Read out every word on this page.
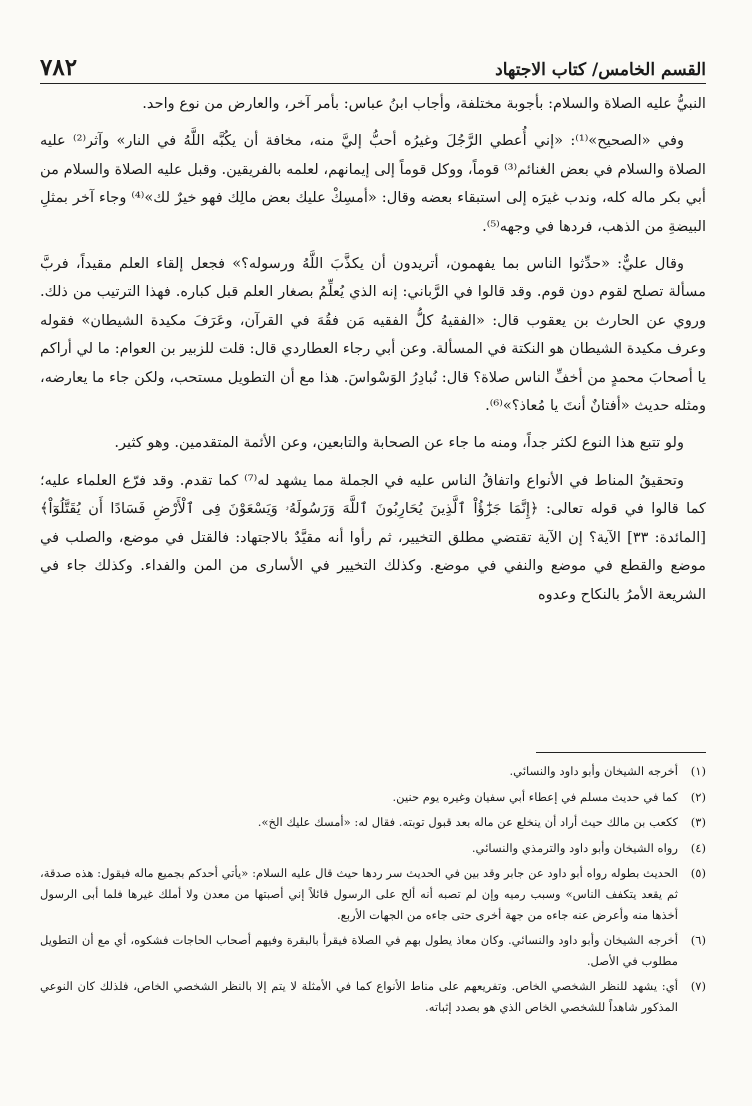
القسم الخامس/ كتاب الاجتهاد
٧٨٢

النبيُّ عليه الصلاة والسلام: بأجوبة مختلفة، وأجاب ابنُ عباس: بأمر آخر، والعارض من نوع واحد.

وفي «الصحيح»⁽¹⁾: «إني أُعطي الرَّجُلَ وغيرُه أحبُّ إليَّ منه، مخافة أن يكُبَّه اللَّهُ في النار» وآثر⁽²⁾ عليه الصلاة والسلام في بعض الغنائم⁽³⁾ قوماً، ووكل قوماً إلى إيمانهم، لعلمه بالفريقين. وقبل عليه الصلاة والسلام من أبي بكر ماله كله، وندب غيرَه إلى استبقاء بعضه وقال: «أمسِكْ عليك بعض مالِك فهو خيرٌ لك»⁽⁴⁾ وجاء آخر بمثلِ البيضةِ من الذهب، فردها في وجهه⁽⁵⁾.

وقال عليٌّ: «حدِّثوا الناس بما يفهمون، أتريدون أن يكذَّبَ اللَّهُ ورسوله؟» فجعل إلقاء العلم مقيداً، فربَّ مسألة تصلح لقوم دون قوم. وقد قالوا في الرَّباني: إنه الذي يُعلِّمُ بصغار العلم قبل كباره. فهذا الترتيب من ذلك. وروي عن الحارث بن يعقوب قال: «الفقيهُ كلُّ الفقيه مَن فقُهَ في القرآن، وعَرَفَ مكيدة الشيطان» فقوله وعرف مكيدة الشيطان هو النكتة في المسألة. وعن أبي رجاء العطاردي قال: قلت للزبير بن العوام: ما لي أراكم يا أصحابَ محمدٍ من أخفِّ الناس صلاة؟ قال: نُبادِرُ الوَسْواسَ. هذا مع أن التطويل مستحب، ولكن جاء ما يعارضه، ومثله حديث «أفتانٌ أنتَ يا مُعاذ؟»⁽⁶⁾.

ولو تتبع هذا النوع لكثر جداً، ومنه ما جاء عن الصحابة والتابعين، وعن الأئمة المتقدمين. وهو كثير.

وتحقيقُ المناط في الأنواع واتفاقُ الناس عليه في الجملة مما يشهد له⁽⁷⁾ كما تقدم. وقد فرّع العلماء عليه؛ كما قالوا في قوله تعالى: ﴿إِنَّمَا جَزَٰٓؤُاْ ٱلَّذِينَ يُحَارِبُونَ ٱللَّهَ وَرَسُولَهُۥ وَيَسْعَوْنَ فِى ٱلْأَرْضِ فَسَادًا أَن يُقَتَّلُوٓاْ﴾ [المائدة: ٣٣] الآية؟ إن الآية تقتضي مطلق التخيير، ثم رأوا أنه مقيَّدٌ بالاجتهاد: فالقتل في موضع، والصلب في موضع والقطع في موضع والنفي في موضع. وكذلك التخيير في الأسارى من المن والفداء. وكذلك جاء في الشريعة الأمرُ بالنكاح وعدوه

(١)
أخرجه الشيخان وأبو داود والنسائي.
(٢)
كما في حديث مسلم في إعطاء أبي سفيان وغيره يوم حنين.
(٣)
ككعب بن مالك حيث أراد أن ينخلع عن ماله بعد قبول توبته. فقال له: «أمسك عليك الخ».
(٤)
رواه الشيخان وأبو داود والترمذي والنسائي.
(٥)
الحديث بطوله رواه أبو داود عن جابر وقد بين في الحديث سر ردها حيث قال عليه السلام: «يأتي أحدكم بجميع ماله فيقول: هذه صدقة، ثم يقعد يتكفف الناس» وسبب رميه وإن لم تصبه أنه ألح على الرسول قائلاً إني أصبتها من معدن ولا أملك غيرها فلما أبى الرسول أخذها منه وأعرض عنه جاءه من جهة أخرى حتى جاءه من الجهات الأربع.
(٦)
أخرجه الشيخان وأبو داود والنسائي. وكان معاذ يطول بهم في الصلاة فيقرأ بالبقرة وفيهم أصحاب الحاجات فشكوه، أي مع أن التطويل مطلوب في الأصل.
(٧)
أي: يشهد للنظر الشخصي الخاص. وتفريعهم على مناط الأنواع كما في الأمثلة لا يتم إلا بالنظر الشخصي الخاص، فلذلك كان النوعي المذكور شاهداً للشخصي الخاص الذي هو بصدد إثباته.
